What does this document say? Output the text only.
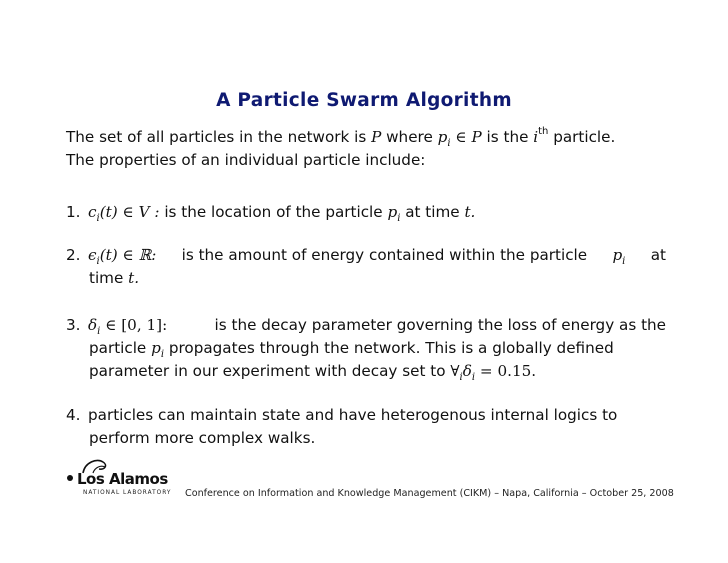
A Particle Swarm Algorithm

The set of all particles in the network is P where $p_i$ ∈ P is the $i^{th}$ particle.

The properties of an individual particle include:

1. $c_i(t)$ ∈ V : is the location of the particle $p_i$ at time t.
2. $\epsilon_i(t)$ ∈ ℝ: is the amount of energy contained within the particle $p_i$ at
time t.
3. $\delta_i$ ∈ [0, 1]:	is the decay parameter governing the loss of energy as the
particle $p_i$ propagates through the network. This is a globally defined
parameter in our experiment with decay set to $\forall_i\delta_i = 0.15$.
4. particles can maintain state and have heterogenous internal logics to
perform more complex walks.
Los Alamos
NATIONAL LABORATORY Conference on Information and Knowledge Management (CIKM) – Napa, California – October 25, 2008
